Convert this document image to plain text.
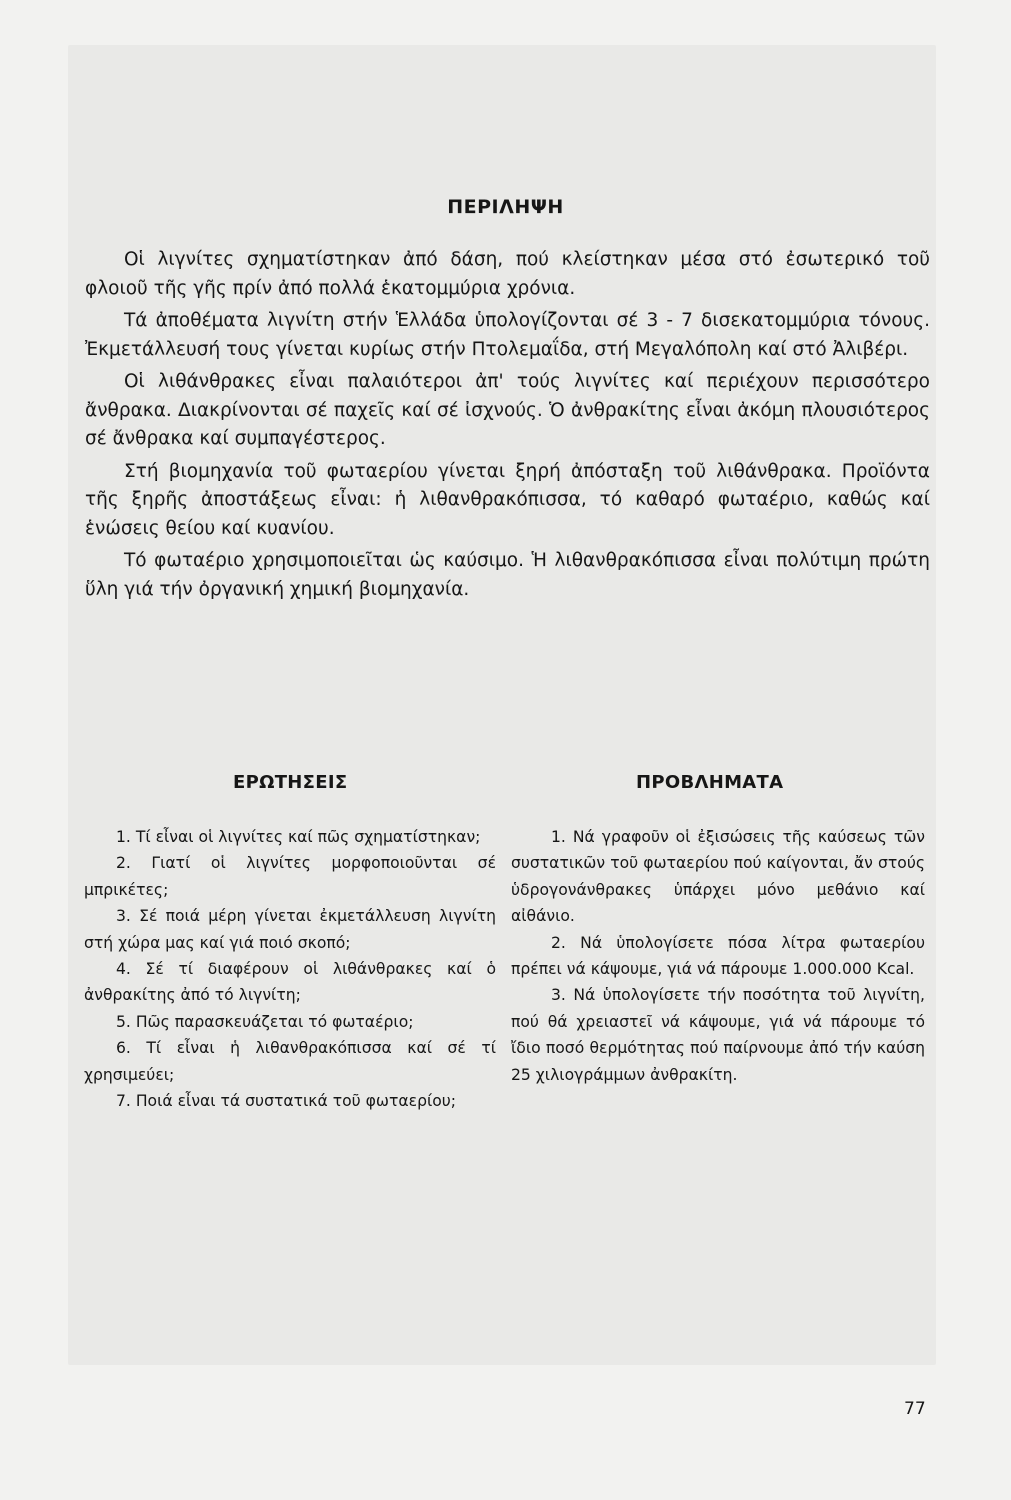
ΠΕΡΙΛΗΨΗ

Οἱ λιγνίτες σχηματίστηκαν ἀπό δάση, πού κλείστηκαν μέσα στό ἐσωτερικό τοῦ φλοιοῦ τῆς γῆς πρίν ἀπό πολλά ἑκατομμύρια χρόνια.

Τά ἀποθέματα λιγνίτη στήν Ἑλλάδα ὑπολογίζονται σέ 3 - 7 δισεκατομμύρια τόνους. Ἐκμετάλλευσή τους γίνεται κυρίως στήν Πτολεμαΐδα, στή Μεγαλόπολη καί στό Ἀλιβέρι.

Οἱ λιθάνθρακες εἶναι παλαιότεροι ἀπ' τούς λιγνίτες καί περιέχουν περισσότερο ἄνθρακα. Διακρίνονται σέ παχεῖς καί σέ ἰσχνούς. Ὁ ἀνθρακίτης εἶναι ἀκόμη πλουσιότερος σέ ἄνθρακα καί συμπαγέστερος.

Στή βιομηχανία τοῦ φωταερίου γίνεται ξηρή ἀπόσταξη τοῦ λιθάνθρακα. Προϊόντα τῆς ξηρῆς ἀποστάξεως εἶναι: ἡ λιθανθρακόπισσα, τό καθαρό φωταέριο, καθώς καί ἑνώσεις θείου καί κυανίου.

Τό φωταέριο χρησιμοποιεῖται ὡς καύσιμο. Ἡ λιθανθρακόπισσα εἶναι πολύτιμη πρώτη ὕλη γιά τήν ὀργανική χημική βιομηχανία.

ΕΡΩΤΗΣΕΙΣ	ΠΡΟΒΛΗΜΑΤΑ
1. Τί εἶναι οἱ λιγνίτες καί πῶς σχηματίστηκαν;
2. Γιατί οἱ λιγνίτες μορφοποιοῦνται σέ μπρικέτες;
3. Σέ ποιά μέρη γίνεται ἐκμετάλλευση λιγνίτη στή χώρα μας καί γιά ποιό σκοπό;
4. Σέ τί διαφέρουν οἱ λιθάνθρακες καί ὁ ἀνθρακίτης ἀπό τό λιγνίτη;
5. Πῶς παρασκευάζεται τό φωταέριο;
6. Τί εἶναι ἡ λιθανθρακόπισσα καί σέ τί χρησιμεύει;
7. Ποιά εἶναι τά συστατικά τοῦ φωταερίου;
1. Νά γραφοῦν οἱ ἐξισώσεις τῆς καύσεως τῶν συστατικῶν τοῦ φωταερίου πού καίγονται, ἄν στούς ὑδρογονάνθρακες ὑπάρχει μόνο μεθάνιο καί αἰθάνιο.
2. Νά ὑπολογίσετε πόσα λίτρα φωταερίου πρέπει νά κάψουμε, γιά νά πάρουμε 1.000.000 Kcal.
3. Νά ὑπολογίσετε τήν ποσότητα τοῦ λιγνίτη, πού θά χρειαστεῖ νά κάψουμε, γιά νά πάρουμε τό ἴδιο ποσό θερμότητας πού παίρνουμε ἀπό τήν καύση 25 χιλιογράμμων ἀνθρακίτη.
77
